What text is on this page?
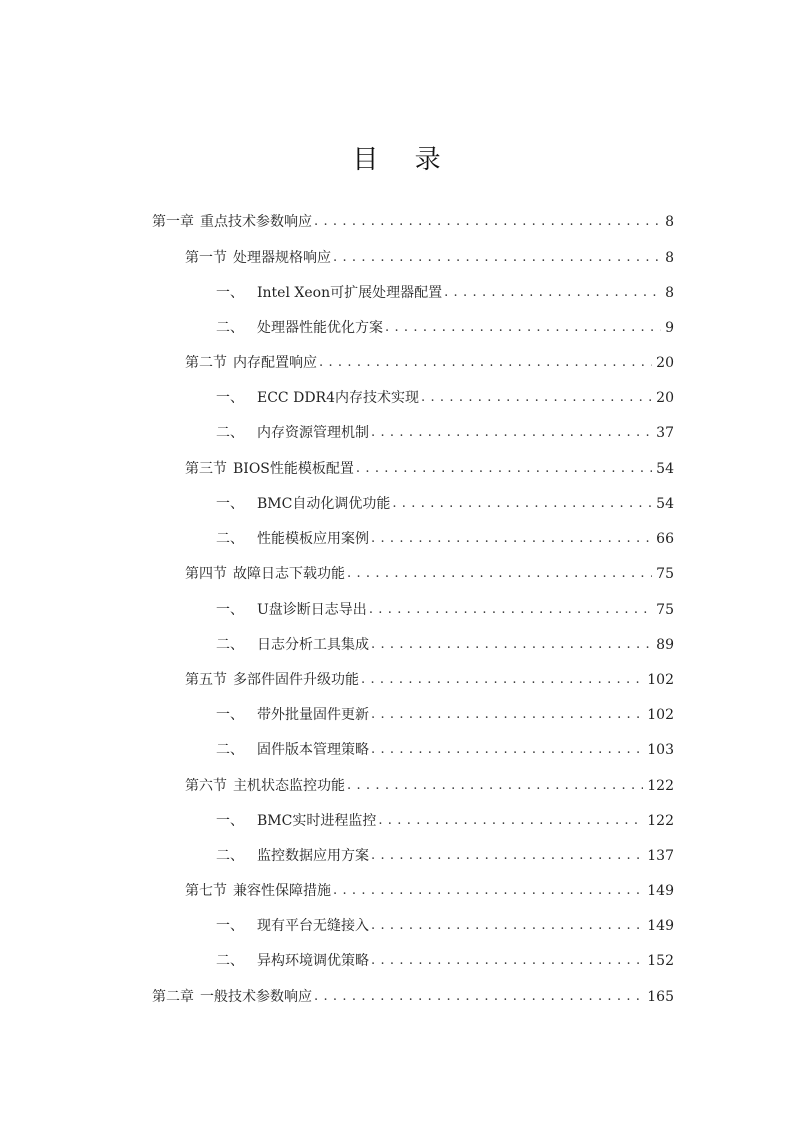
目 录
第一章 重点技术参数响应 . . .	8
第一节 处理器规格响应 . . .	8
一、 Intel Xeon可扩展处理器配置 . . .	8
二、 处理器性能优化方案 . . .	9
第二节 内存配置响应 . . .	20
一、 ECC DDR4内存技术实现 . . .	20
二、 内存资源管理机制 . . .	37
第三节 BIOS性能模板配置 . . .	54
一、 BMC自动化调优功能 . . .	54
二、 性能模板应用案例 . . .	66
第四节 故障日志下载功能 . . .	75
一、 U盘诊断日志导出 . . .	75
二、 日志分析工具集成 . . .	89
第五节 多部件固件升级功能 . . .	102
一、 带外批量固件更新 . . .	102
二、 固件版本管理策略 . . .	103
第六节 主机状态监控功能 . . .	122
一、 BMC实时进程监控 . . .	122
二、 监控数据应用方案 . . .	137
第七节 兼容性保障措施 . . .	149
一、 现有平台无缝接入 . . .	149
二、 异构环境调优策略 . . .	152
第二章 一般技术参数响应 . . .	165
